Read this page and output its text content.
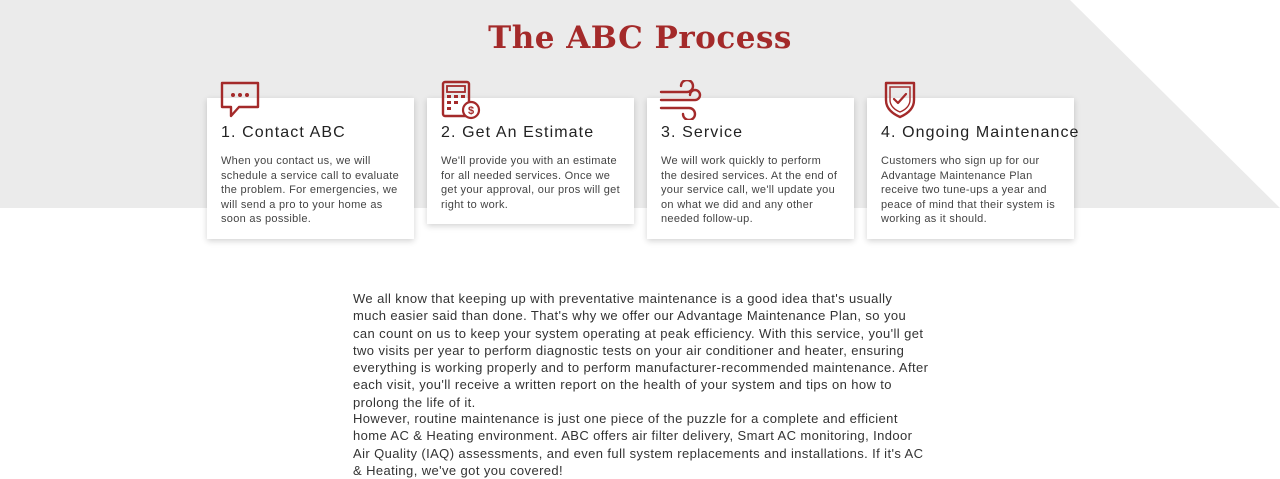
The ABC Process
1. Contact ABC

When you contact us, we will schedule a service call to evaluate the problem. For emergencies, we will send a pro to your home as soon as possible.

$
2. Get An Estimate

We'll provide you with an estimate for all needed services. Once we get your approval, our pros will get right to work.

3. Service

We will work quickly to perform the desired services. At the end of your service call, we'll update you on what we did and any other needed follow-up.

4. Ongoing Maintenance

Customers who sign up for our Advantage Maintenance Plan receive two tune-ups a year and peace of mind that their system is working as it should.

We all know that keeping up with preventative maintenance is a good idea that's usually much easier said than done. That's why we offer our Advantage Maintenance Plan, so you can count on us to keep your system operating at peak efficiency. With this service, you'll get two visits per year to perform diagnostic tests on your air conditioner and heater, ensuring everything is working properly and to perform manufacturer-recommended maintenance. After each visit, you'll receive a written report on the health of your system and tips on how to prolong the life of it.

However, routine maintenance is just one piece of the puzzle for a complete and efficient home AC & Heating environment. ABC offers air filter delivery, Smart AC monitoring, Indoor Air Quality (IAQ) assessments, and even full system replacements and installations. If it's AC & Heating, we've got you covered!
